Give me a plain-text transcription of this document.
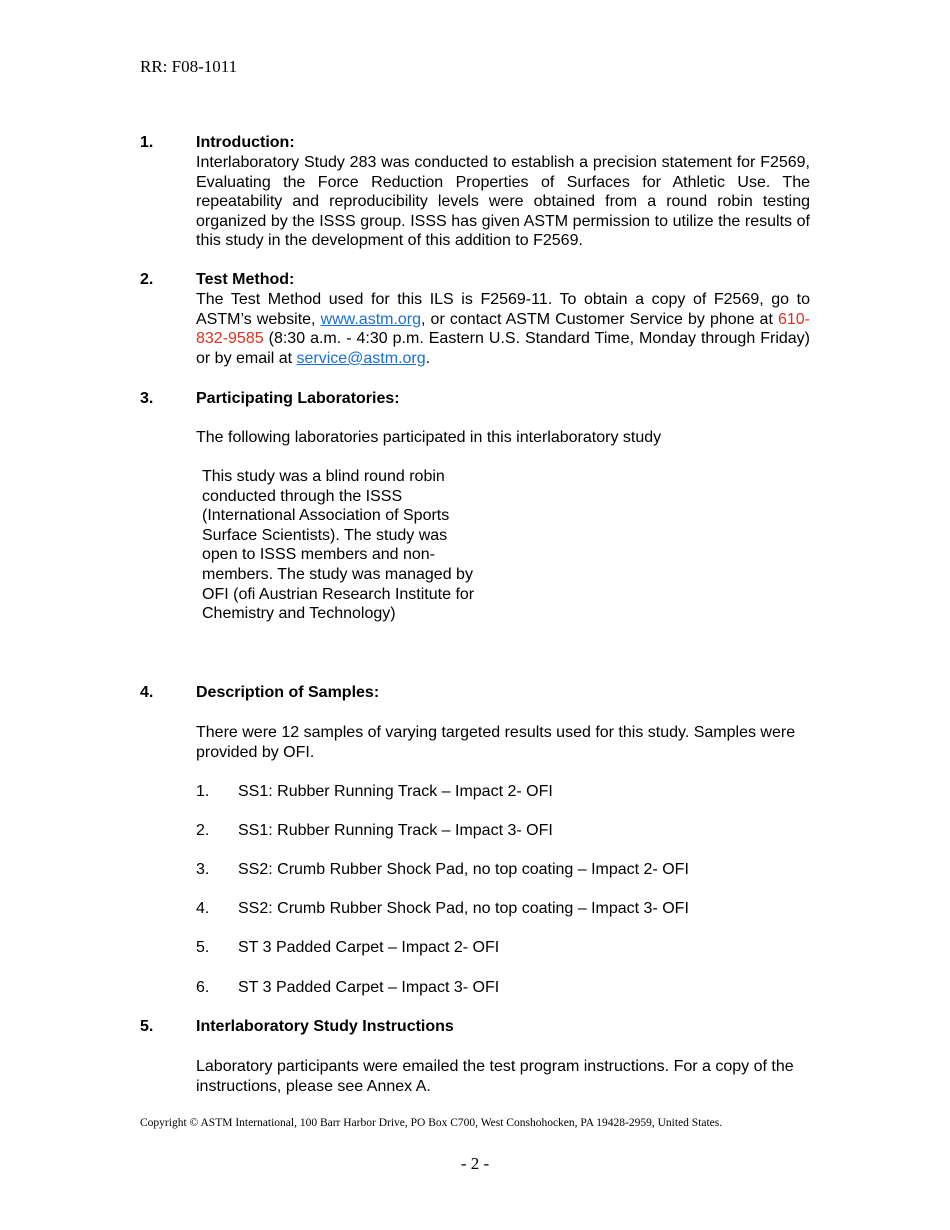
RR: F08-1011
1.	Introduction:

Interlaboratory Study 283 was conducted to establish a precision statement for F2569, Evaluating the Force Reduction Properties of Surfaces for Athletic Use. The repeatability and reproducibility levels were obtained from a round robin testing organized by the ISSS group. ISSS has given ASTM permission to utilize the results of this study in the development of this addition to F2569.

2.	Test Method:

The Test Method used for this ILS is F2569-11. To obtain a copy of F2569, go to ASTM’s website, www.astm.org, or contact ASTM Customer Service by phone at 610-832-9585 (8:30 a.m. - 4:30 p.m. Eastern U.S. Standard Time, Monday through Friday) or by email at service@astm.org.

3.	Participating Laboratories:
The following laboratories participated in this interlaboratory study
This study was a blind round robin conducted through the ISSS (International Association of Sports Surface Scientists). The study was open to ISSS members and non-members. The study was managed by OFI (ofi Austrian Research Institute for Chemistry and Technology)
4.	Description of Samples:

There were 12 samples of varying targeted results used for this study. Samples were provided by OFI.

1. SS1: Rubber Running Track – Impact 2- OFI
2. SS1: Rubber Running Track – Impact 3- OFI
3. SS2: Crumb Rubber Shock Pad, no top coating – Impact 2- OFI
4. SS2: Crumb Rubber Shock Pad, no top coating – Impact 3- OFI
5. ST 3 Padded Carpet – Impact 2- OFI
6. ST 3 Padded Carpet – Impact 3- OFI
5.	Interlaboratory Study Instructions

Laboratory participants were emailed the test program instructions. For a copy of the instructions, please see Annex A.

Copyright © ASTM International, 100 Barr Harbor Drive, PO Box C700, West Conshohocken, PA 19428-2959, United States.
- 2 -
